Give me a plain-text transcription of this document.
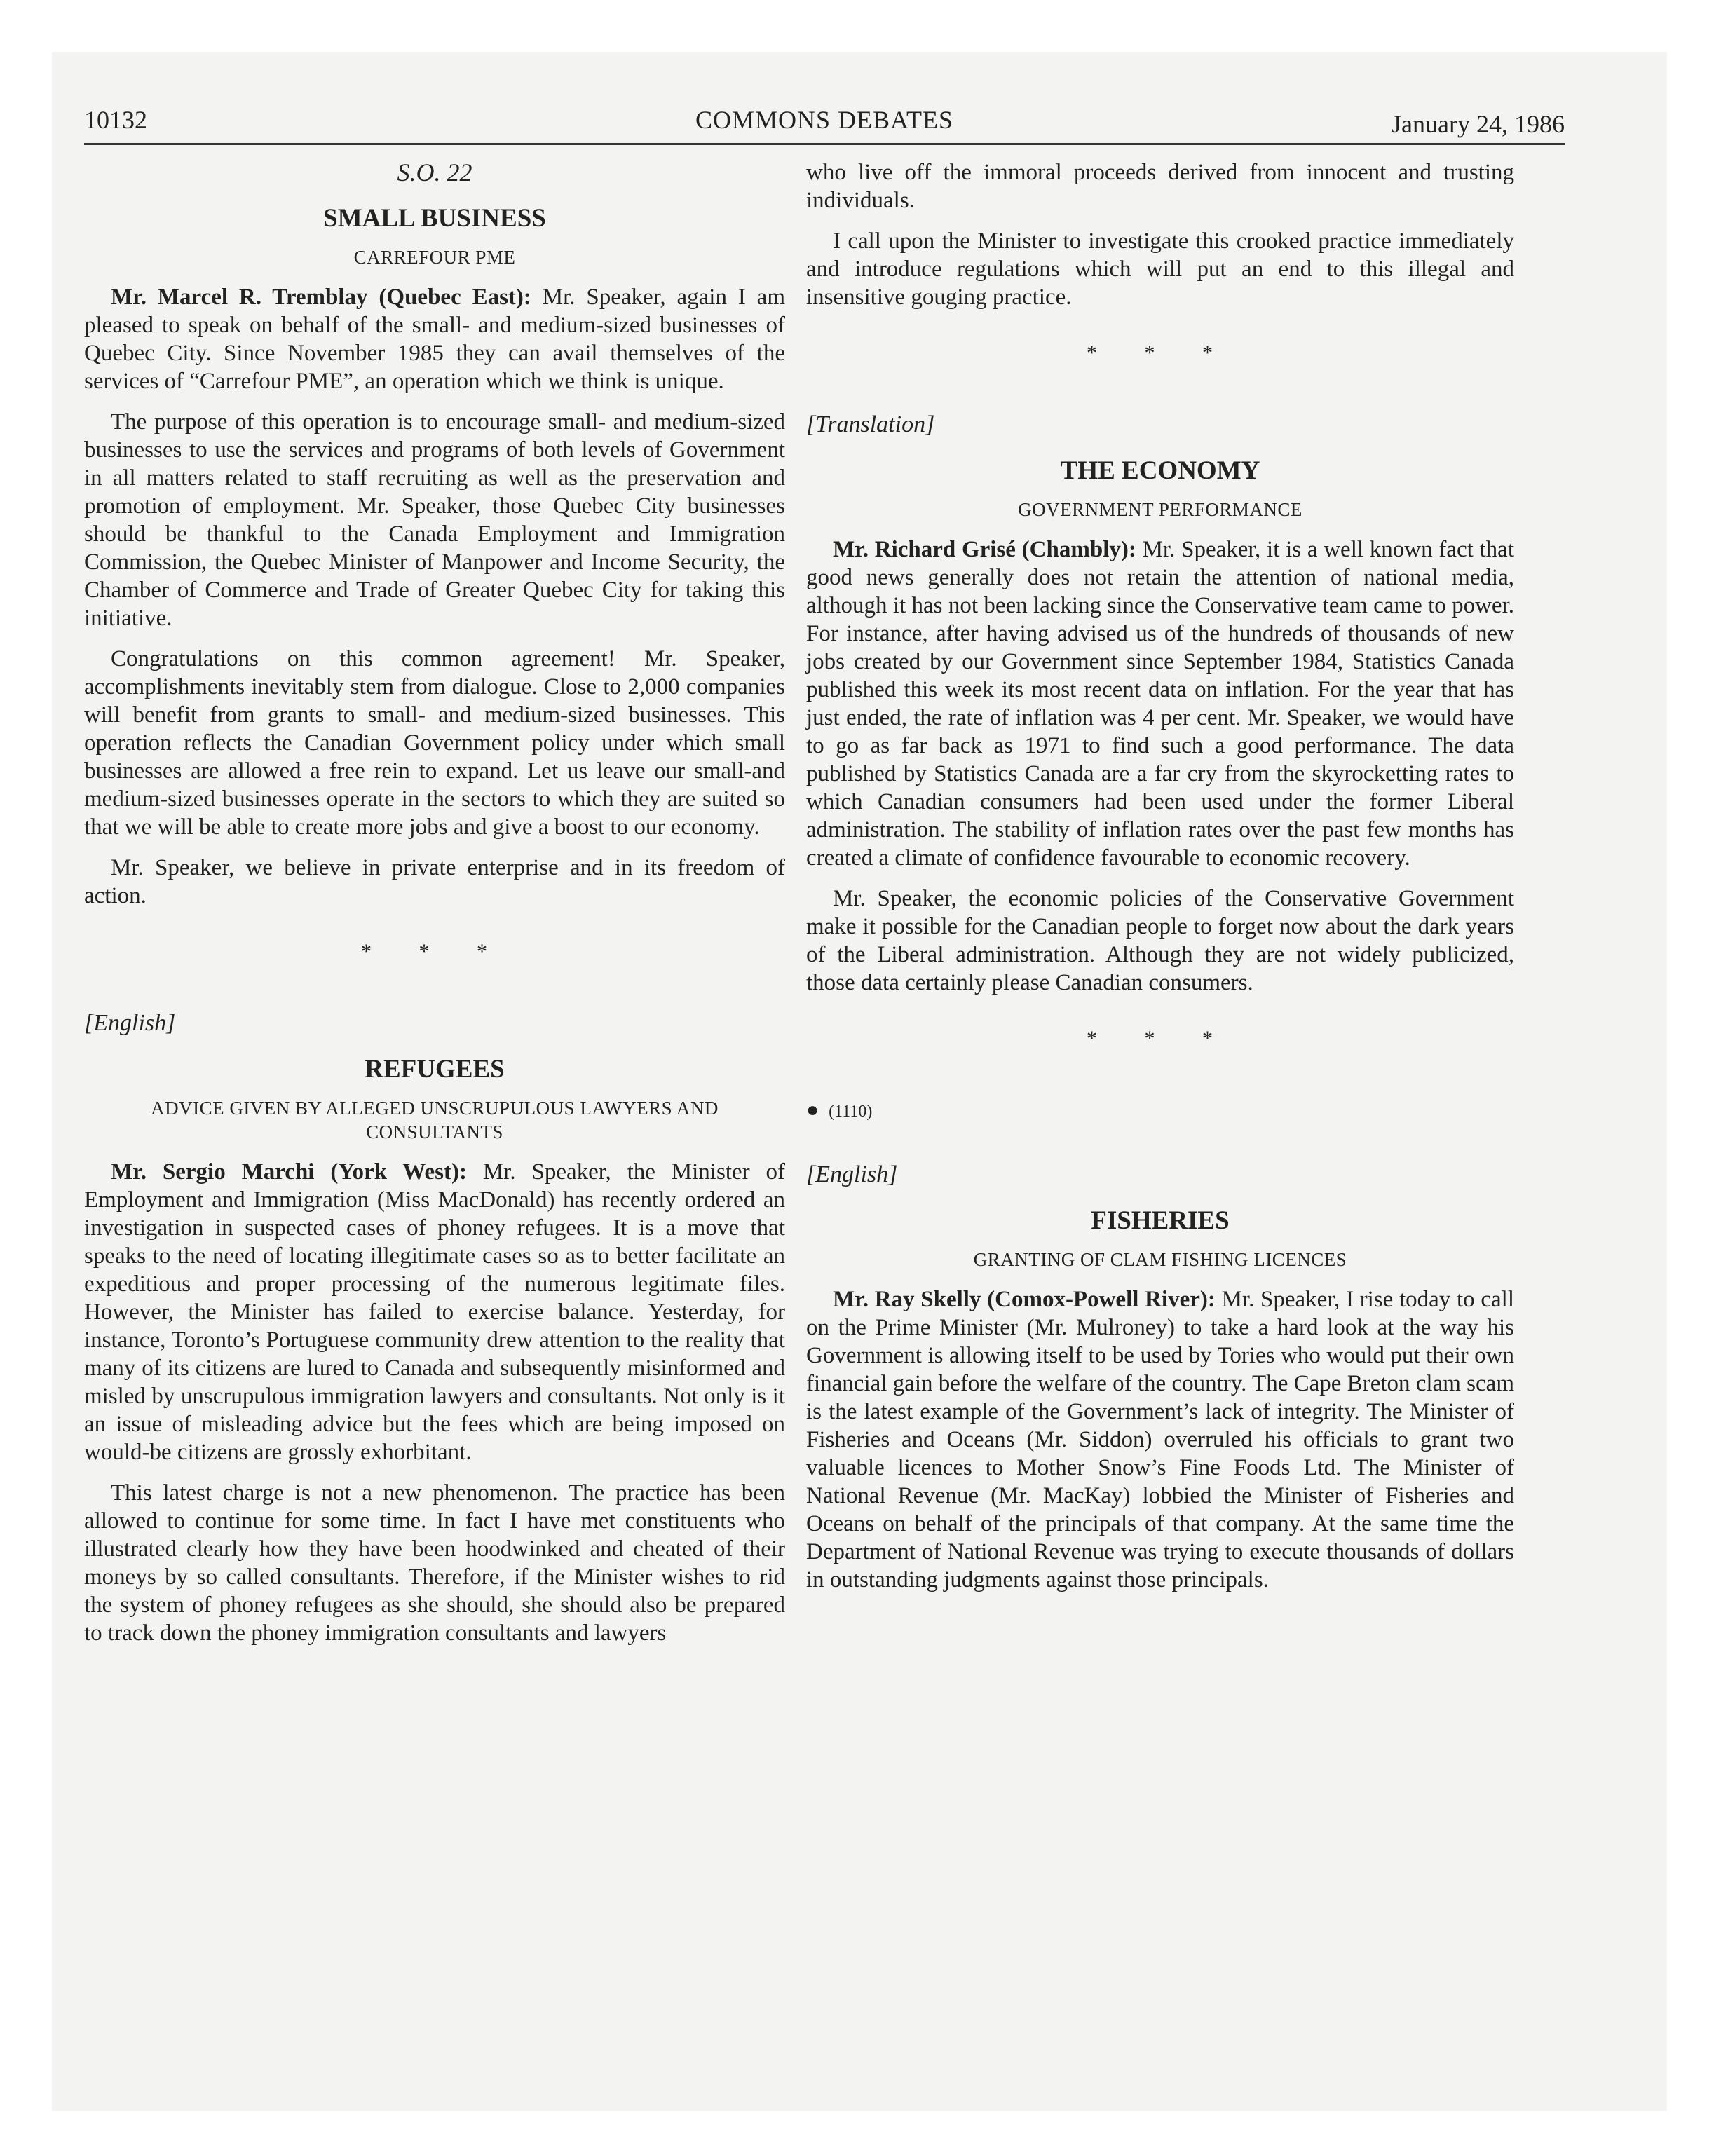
10132	COMMONS DEBATES	January 24, 1986
S.O. 22
SMALL BUSINESS
CARREFOUR PME

Mr. Marcel R. Tremblay (Quebec East): Mr. Speaker, again I am pleased to speak on behalf of the small- and medium-sized businesses of Quebec City. Since November 1985 they can avail themselves of the services of “Carrefour PME”, an operation which we think is unique.

The purpose of this operation is to encourage small- and medium-sized businesses to use the services and programs of both levels of Government in all matters related to staff recruiting as well as the preservation and promotion of employment. Mr. Speaker, those Quebec City businesses should be thankful to the Canada Employment and Immigration Commission, the Quebec Minister of Manpower and Income Security, the Chamber of Commerce and Trade of Greater Quebec City for taking this initiative.

Congratulations on this common agreement! Mr. Speaker, accomplishments inevitably stem from dialogue. Close to 2,000 companies will benefit from grants to small- and medium-sized businesses. This operation reflects the Canadian Government policy under which small businesses are allowed a free rein to expand. Let us leave our small-and medium-sized businesses operate in the sectors to which they are suited so that we will be able to create more jobs and give a boost to our economy.

Mr. Speaker, we believe in private enterprise and in its freedom of action.

* * *
[English]
REFUGEES
ADVICE GIVEN BY ALLEGED UNSCRUPULOUS LAWYERS AND CONSULTANTS

Mr. Sergio Marchi (York West): Mr. Speaker, the Minister of Employment and Immigration (Miss MacDonald) has recently ordered an investigation in suspected cases of phoney refugees. It is a move that speaks to the need of locating illegitimate cases so as to better facilitate an expeditious and proper processing of the numerous legitimate files. However, the Minister has failed to exercise balance. Yesterday, for instance, Toronto’s Portuguese community drew attention to the reality that many of its citizens are lured to Canada and subsequently misinformed and misled by unscrupulous immigration lawyers and consultants. Not only is it an issue of misleading advice but the fees which are being imposed on would-be citizens are grossly exhorbitant.

This latest charge is not a new phenomenon. The practice has been allowed to continue for some time. In fact I have met constituents who illustrated clearly how they have been hoodwinked and cheated of their moneys by so called consultants. Therefore, if the Minister wishes to rid the system of phoney refugees as she should, she should also be prepared to track down the phoney immigration consultants and lawyers

who live off the immoral proceeds derived from innocent and trusting individuals.

I call upon the Minister to investigate this crooked practice immediately and introduce regulations which will put an end to this illegal and insensitive gouging practice.

* * *
[Translation]
THE ECONOMY
GOVERNMENT PERFORMANCE

Mr. Richard Grisé (Chambly): Mr. Speaker, it is a well known fact that good news generally does not retain the attention of national media, although it has not been lacking since the Conservative team came to power. For instance, after having advised us of the hundreds of thousands of new jobs created by our Government since September 1984, Statistics Canada published this week its most recent data on inflation. For the year that has just ended, the rate of inflation was 4 per cent. Mr. Speaker, we would have to go as far back as 1971 to find such a good performance. The data published by Statistics Canada are a far cry from the skyrocketting rates to which Canadian consumers had been used under the former Liberal administration. The stability of inflation rates over the past few months has created a climate of confidence favourable to economic recovery.

Mr. Speaker, the economic policies of the Conservative Government make it possible for the Canadian people to forget now about the dark years of the Liberal administration. Although they are not widely publicized, those data certainly please Canadian consumers.

* * *
● (1110)
[English]
FISHERIES
GRANTING OF CLAM FISHING LICENCES

Mr. Ray Skelly (Comox-Powell River): Mr. Speaker, I rise today to call on the Prime Minister (Mr. Mulroney) to take a hard look at the way his Government is allowing itself to be used by Tories who would put their own financial gain before the welfare of the country. The Cape Breton clam scam is the latest example of the Government’s lack of integrity. The Minister of Fisheries and Oceans (Mr. Siddon) overruled his officials to grant two valuable licences to Mother Snow’s Fine Foods Ltd. The Minister of National Revenue (Mr. MacKay) lobbied the Minister of Fisheries and Oceans on behalf of the principals of that company. At the same time the Department of National Revenue was trying to execute thousands of dollars in outstanding judgments against those principals.
